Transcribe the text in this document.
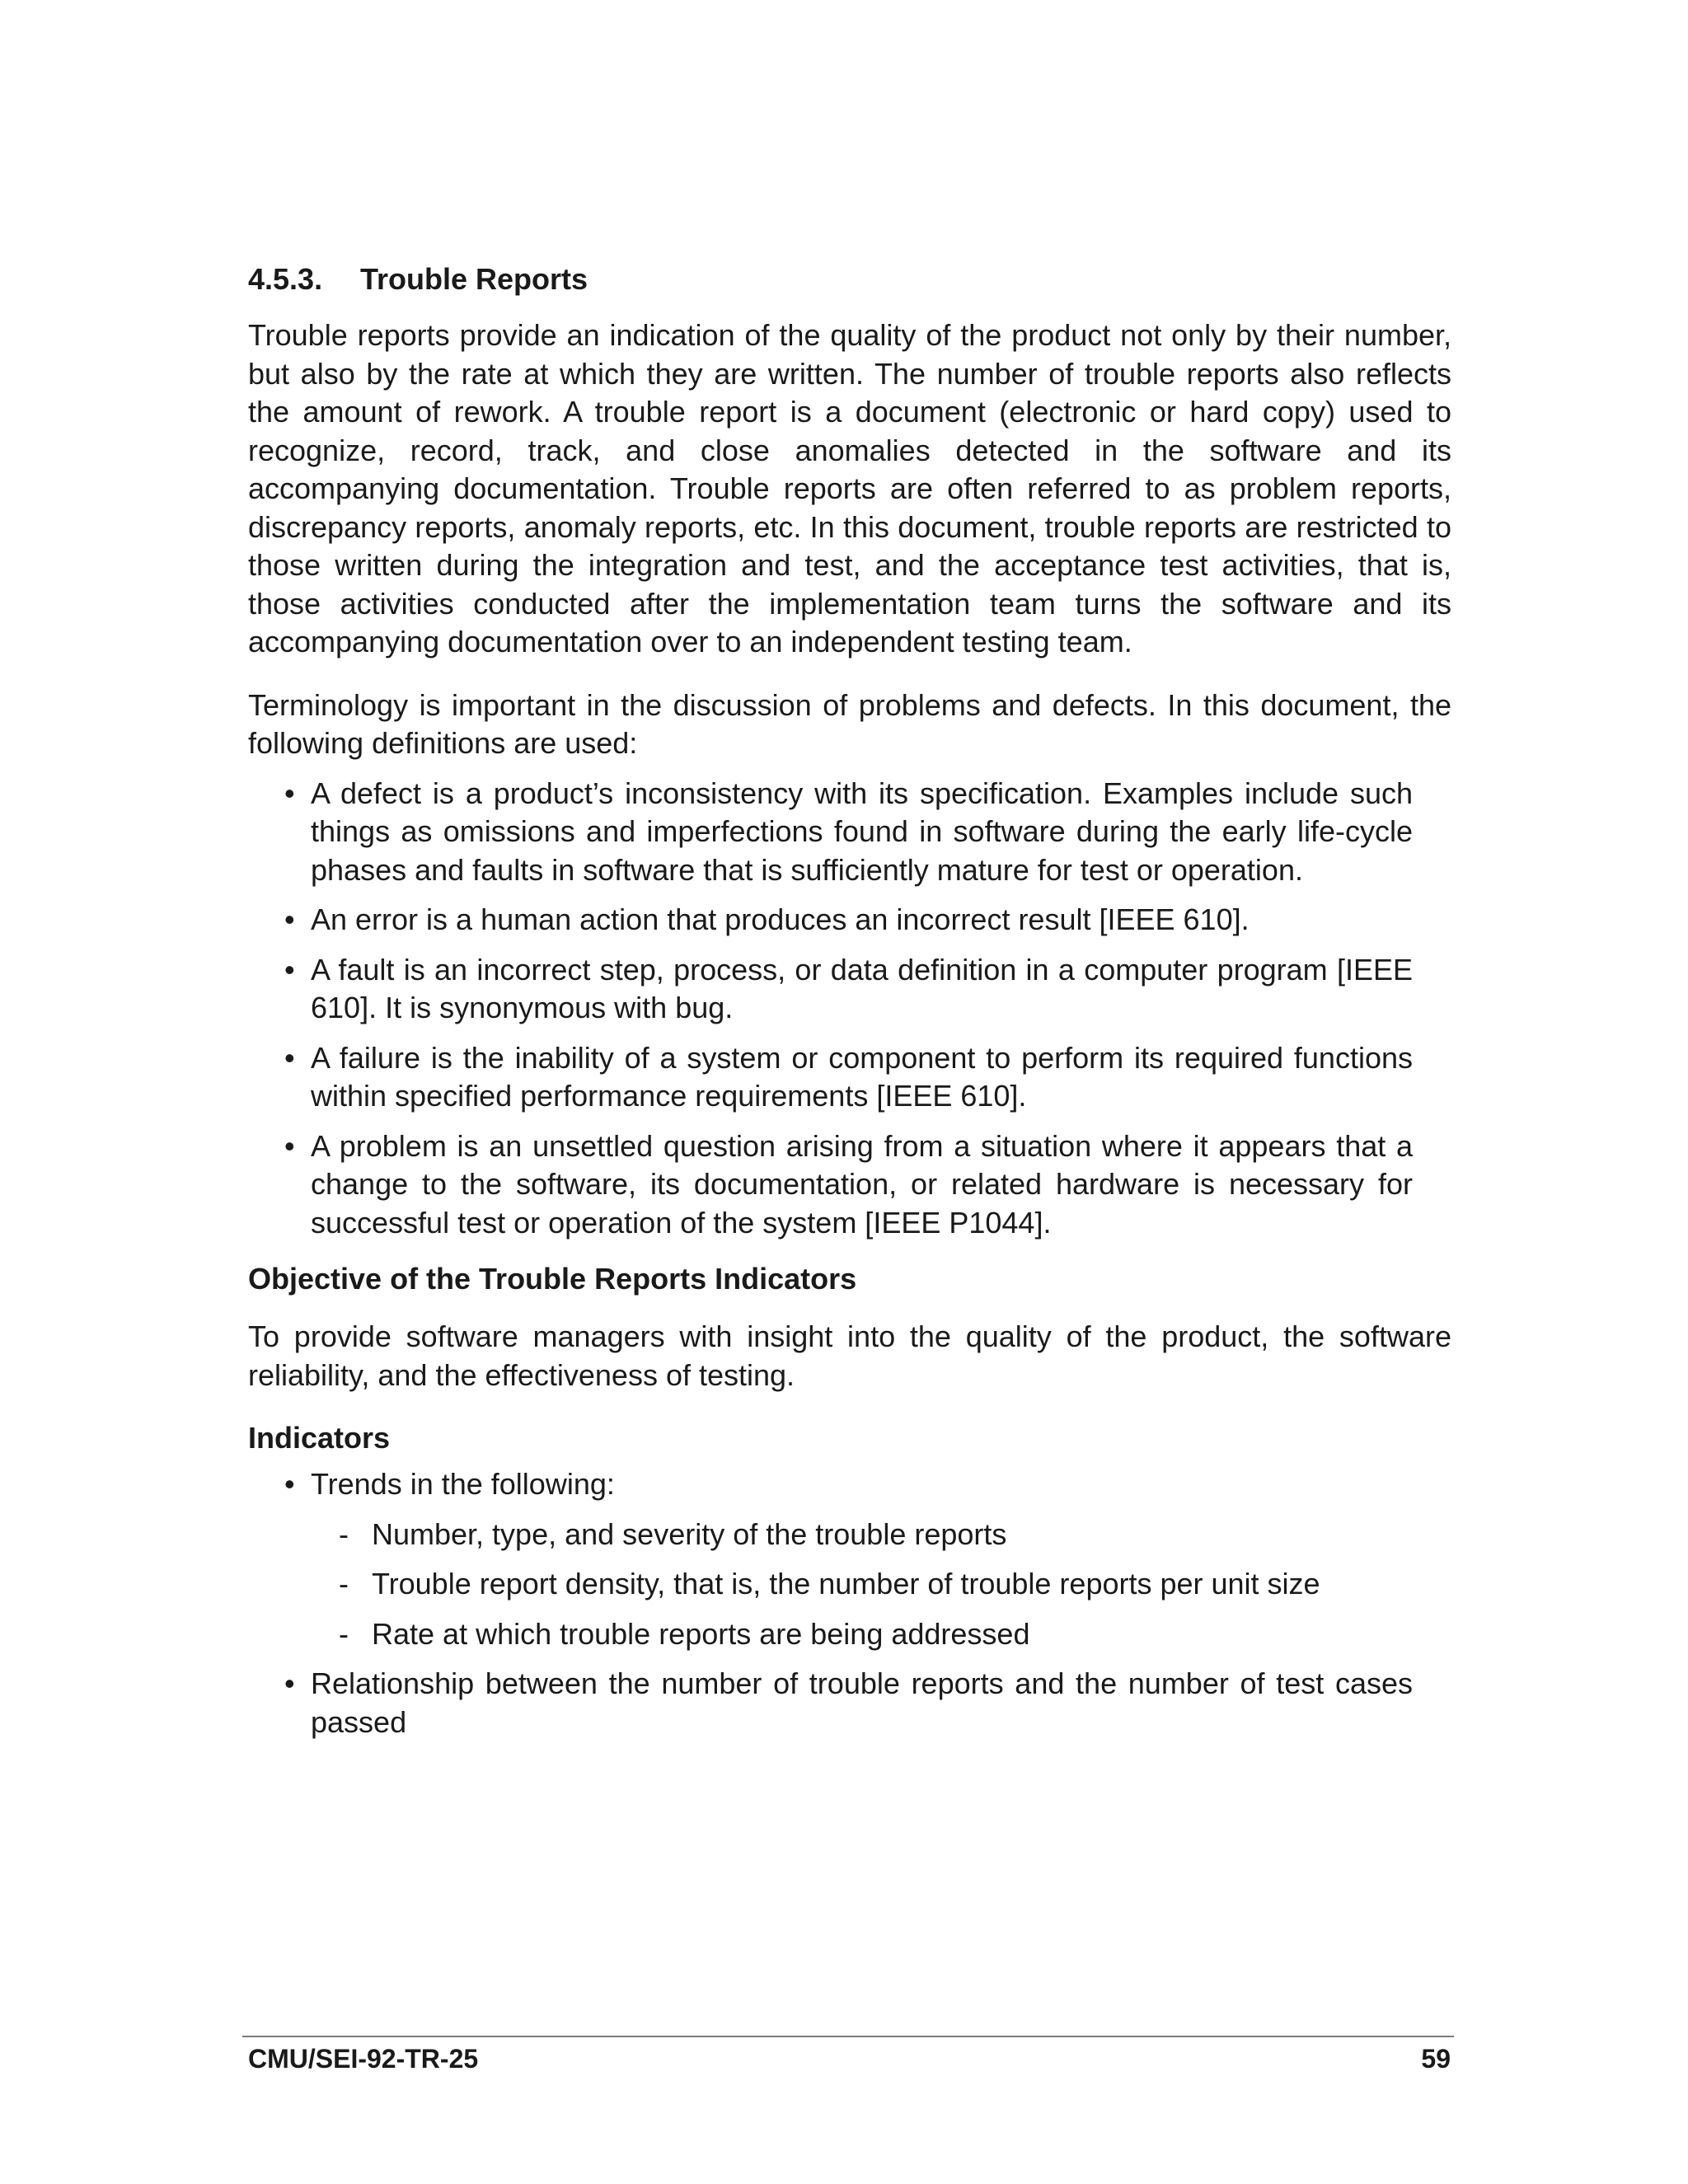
4.5.3. Trouble Reports

Trouble reports provide an indication of the quality of the product not only by their number, but also by the rate at which they are written. The number of trouble reports also reflects the amount of rework. A trouble report is a document (electronic or hard copy) used to recognize, record, track, and close anomalies detected in the software and its accompanying documentation. Trouble reports are often referred to as problem reports, discrepancy reports, anomaly reports, etc. In this document, trouble reports are restricted to those written during the integration and test, and the acceptance test activities, that is, those activities conducted after the implementation team turns the software and its accompanying documentation over to an independent testing team.

Terminology is important in the discussion of problems and defects. In this document, the following definitions are used:

• A defect is a product’s inconsistency with its specification. Examples include such things as omissions and imperfections found in software during the early life-cycle phases and faults in software that is sufficiently mature for test or operation.
• An error is a human action that produces an incorrect result [IEEE 610].
• A fault is an incorrect step, process, or data definition in a computer program [IEEE 610]. It is synonymous with bug.
• A failure is the inability of a system or component to perform its required functions within specified performance requirements [IEEE 610].
• A problem is an unsettled question arising from a situation where it appears that a change to the software, its documentation, or related hardware is necessary for successful test or operation of the system [IEEE P1044].
Objective of the Trouble Reports Indicators

To provide software managers with insight into the quality of the product, the software reliability, and the effectiveness of testing.

Indicators
• Trends in the following:
- Number, type, and severity of the trouble reports
- Trouble report density, that is, the number of trouble reports per unit size
- Rate at which trouble reports are being addressed
• Relationship between the number of trouble reports and the number of test cases passed
CMU/SEI-92-TR-25	59
